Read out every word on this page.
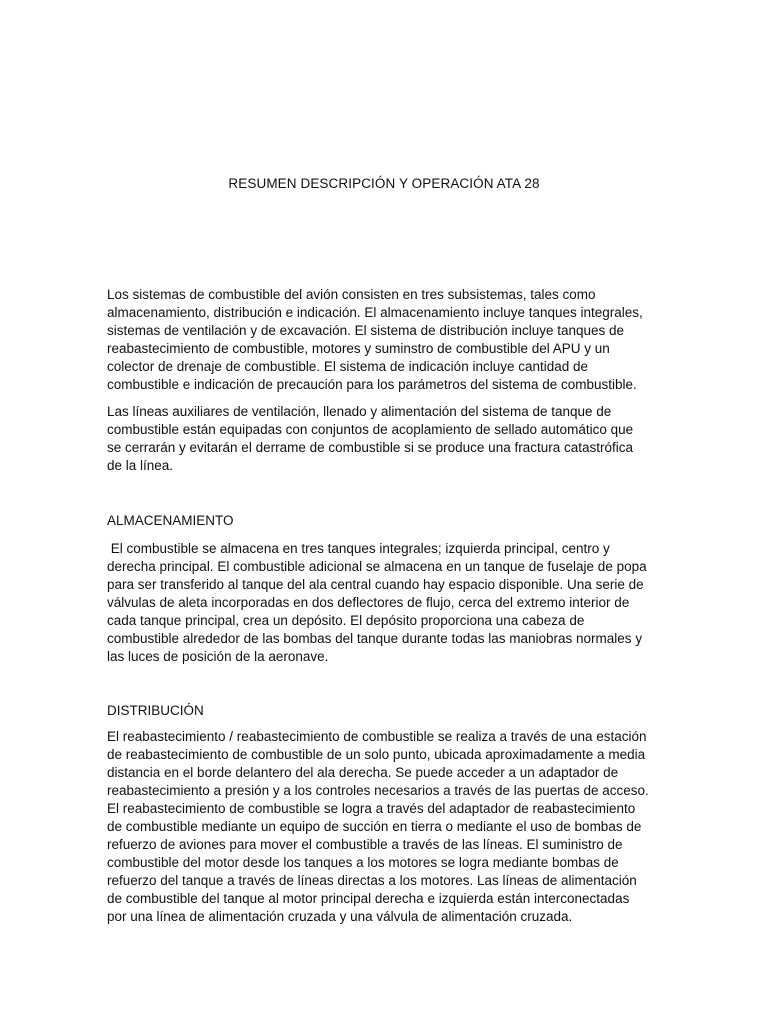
RESUMEN DESCRIPCIÓN Y OPERACIÓN ATA 28
Los sistemas de combustible del avión consisten en tres subsistemas, tales como
almacenamiento, distribución e indicación. El almacenamiento incluye tanques integrales,
sistemas de ventilación y de excavación. El sistema de distribución incluye tanques de
reabastecimiento de combustible, motores y suminstro de combustible del APU y un
colector de drenaje de combustible. El sistema de indicación incluye cantidad de
combustible e indicación de precaución para los parámetros del sistema de combustible.
Las líneas auxiliares de ventilación, llenado y alimentación del sistema de tanque de
combustible están equipadas con conjuntos de acoplamiento de sellado automático que
se cerrarán y evitarán el derrame de combustible si se produce una fractura catastrófica
de la línea.
ALMACENAMIENTO
El combustible se almacena en tres tanques integrales; izquierda principal, centro y
derecha principal. El combustible adicional se almacena en un tanque de fuselaje de popa
para ser transferido al tanque del ala central cuando hay espacio disponible. Una serie de
válvulas de aleta incorporadas en dos deflectores de flujo, cerca del extremo interior de
cada tanque principal, crea un depósito. El depósito proporciona una cabeza de
combustible alrededor de las bombas del tanque durante todas las maniobras normales y
las luces de posición de la aeronave.
DISTRIBUCIÓN
El reabastecimiento / reabastecimiento de combustible se realiza a través de una estación
de reabastecimiento de combustible de un solo punto, ubicada aproximadamente a media
distancia en el borde delantero del ala derecha. Se puede acceder a un adaptador de
reabastecimiento a presión y a los controles necesarios a través de las puertas de acceso.
El reabastecimiento de combustible se logra a través del adaptador de reabastecimiento
de combustible mediante un equipo de succión en tierra o mediante el uso de bombas de
refuerzo de aviones para mover el combustible a través de las líneas. El suministro de
combustible del motor desde los tanques a los motores se logra mediante bombas de
refuerzo del tanque a través de líneas directas a los motores. Las líneas de alimentación
de combustible del tanque al motor principal derecha e izquierda están interconectadas
por una línea de alimentación cruzada y una válvula de alimentación cruzada.
